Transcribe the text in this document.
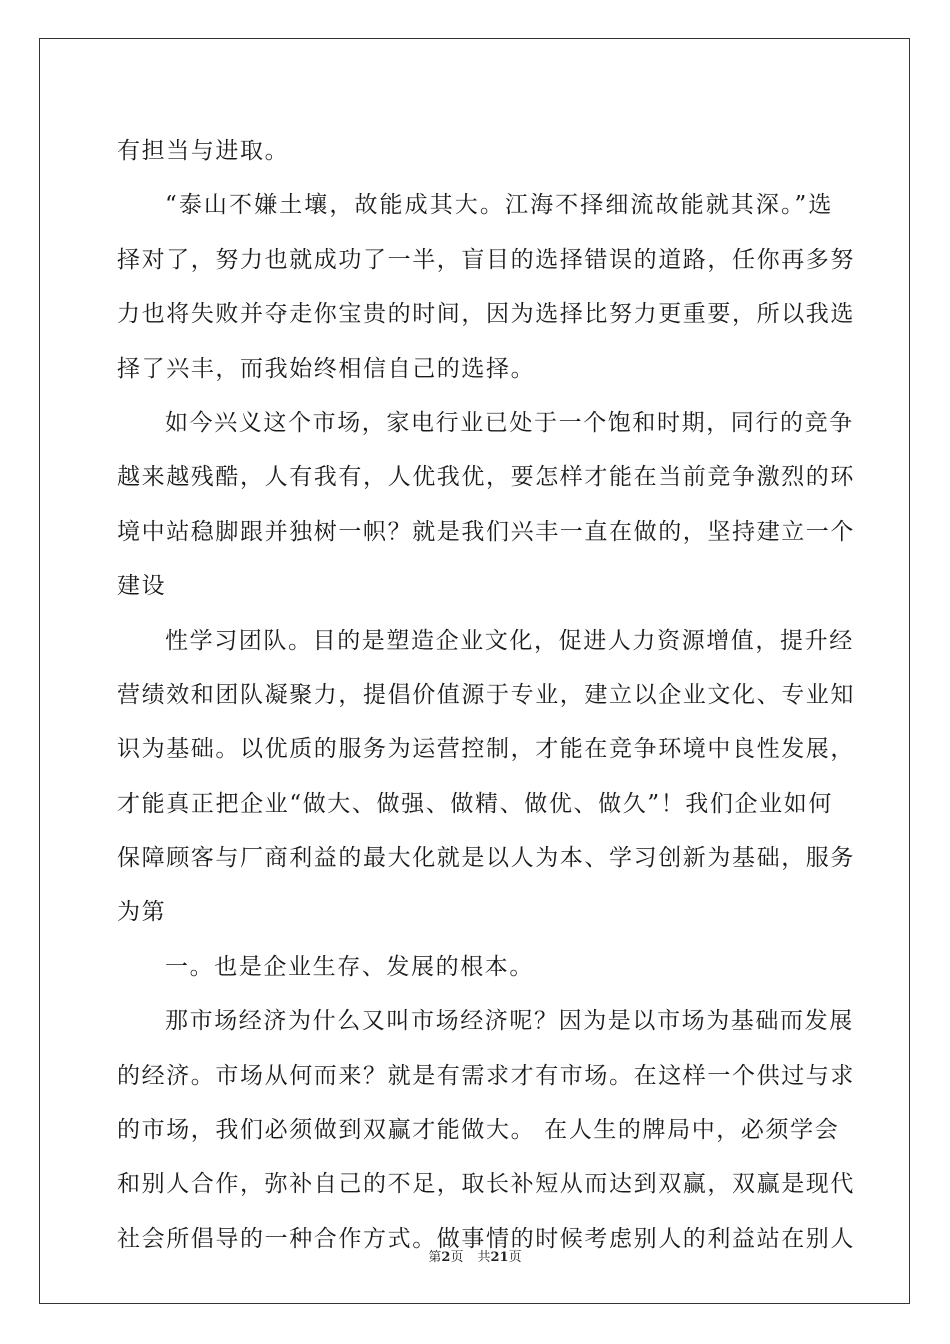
有担当与进取。
“泰山不嫌土壤，故能成其大。江海不择细流故能就其深。”选
择对了，努力也就成功了一半，盲目的选择错误的道路，任你再多努
力也将失败并夺走你宝贵的时间，因为选择比努力更重要，所以我选
择了兴丰，而我始终相信自己的选择。
如今兴义这个市场，家电行业已处于一个饱和时期，同行的竞争
越来越残酷，人有我有，人优我优，要怎样才能在当前竞争激烈的环
境中站稳脚跟并独树一帜？就是我们兴丰一直在做的，坚持建立一个
建设
性学习团队。目的是塑造企业文化，促进人力资源增值，提升经
营绩效和团队凝聚力，提倡价值源于专业，建立以企业文化、专业知
识为基础。以优质的服务为运营控制，才能在竞争环境中良性发展，
才能真正把企业“做大、做强、做精、做优、做久”！我们企业如何
保障顾客与厂商利益的最大化就是以人为本、学习创新为基础，服务
为第
一。也是企业生存、发展的根本。
那市场经济为什么又叫市场经济呢？因为是以市场为基础而发展
的经济。市场从何而来？就是有需求才有市场。在这样一个供过与求
的市场，我们必须做到双赢才能做大。 在人生的牌局中，必须学会
和别人合作，弥补自己的不足，取长补短从而达到双赢，双赢是现代
社会所倡导的一种合作方式。做事情的时候考虑别人的利益站在别人
第2页 共21页
